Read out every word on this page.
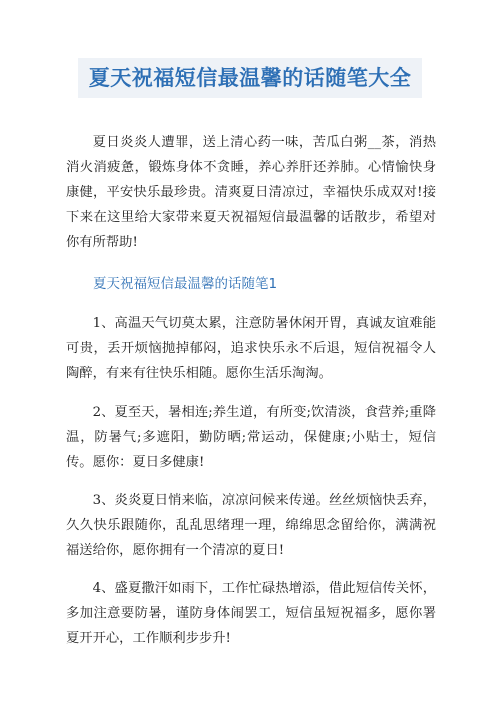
夏天祝福短信最温馨的话随笔大全
夏日炎炎人遭罪，送上清心药一味，苦瓜白粥__茶，消热消火消疲惫，锻炼身体不贪睡，养心养肝还养肺。心情愉快身康健，平安快乐最珍贵。清爽夏日清凉过，幸福快乐成双对!接下来在这里给大家带来夏天祝福短信最温馨的话散步，希望对你有所帮助!
夏天祝福短信最温馨的话随笔1
1、高温天气切莫太累，注意防暑休闲开胃，真诚友谊难能可贵，丢开烦恼抛掉郁闷，追求快乐永不后退，短信祝福令人陶醉，有来有往快乐相随。愿你生活乐淘淘。
2、夏至天，暑相连;养生道，有所变;饮清淡，食营养;重降温，防暑气;多遮阳，勤防晒;常运动，保健康;小贴士，短信传。愿你：夏日多健康!
3、炎炎夏日悄来临，凉凉问候来传递。丝丝烦恼快丢弃，久久快乐跟随你，乱乱思绪理一理，绵绵思念留给你，满满祝福送给你，愿你拥有一个清凉的夏日!
4、盛夏撒汗如雨下，工作忙碌热增添，借此短信传关怀，多加注意要防暑，谨防身体闹罢工，短信虽短祝福多，愿你署夏开开心，工作顺利步步升!
